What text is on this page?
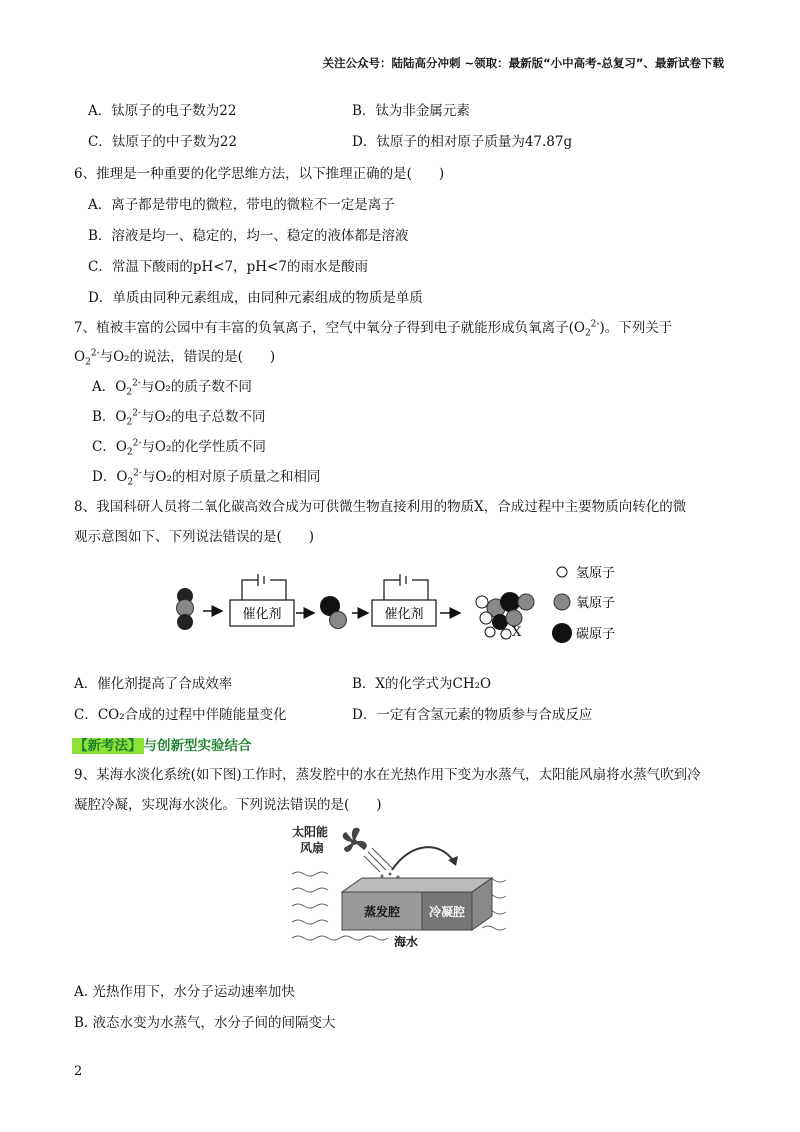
关注公众号：陆陆高分冲刺 ~领取：最新版“小中高考-总复习”、最新试卷下载
A．钛原子的电子数为22	B．钛为非金属元素
C．钛原子的中子数为22	D．钛原子的相对原子质量为47.87g
6、推理是一种重要的化学思维方法，以下推理正确的是(　　)
A．离子都是带电的微粒，带电的微粒不一定是离子
B．溶液是均一、稳定的，均一、稳定的液体都是溶液
C．常温下酸雨的pH<7，pH<7的雨水是酸雨
D．单质由同种元素组成，由同种元素组成的物质是单质
7、植被丰富的公园中有丰富的负氧离子，空气中氧分子得到电子就能形成负氧离子$(O_2^{2-})$。下列关于
$O_2^{2-}$与O₂的说法，错误的是(　　)
A．$O_2^{2-}$与O₂的质子数不同
B．$O_2^{2-}$与O₂的电子总数不同
C．$O_2^{2-}$与O₂的化学性质不同
D．$O_2^{2-}$与O₂的相对原子质量之和相同
8、我国科研人员将二氧化碳高效合成为可供微生物直接利用的物质X，合成过程中主要物质向转化的微
观示意图如下、下列说法错误的是(　　)
催化剂	催化剂
X
氢原子
氧原子
碳原子
A．催化剂提高了合成效率	B．X的化学式为CH₂O
C．CO₂合成的过程中伴随能量变化	D．一定有含氢元素的物质参与合成反应
【新考法】 与创新型实验结合
9、某海水淡化系统(如下图)工作时，蒸发腔中的水在光热作用下变为水蒸气，太阳能风扇将水蒸气吹到冷
凝腔冷凝，实现海水淡化。下列说法错误的是(　　)
太阳能
风扇
蒸发腔 冷凝腔
海水
A. 光热作用下，水分子运动速率加快
B. 液态水变为水蒸气，水分子间的间隔变大
2
